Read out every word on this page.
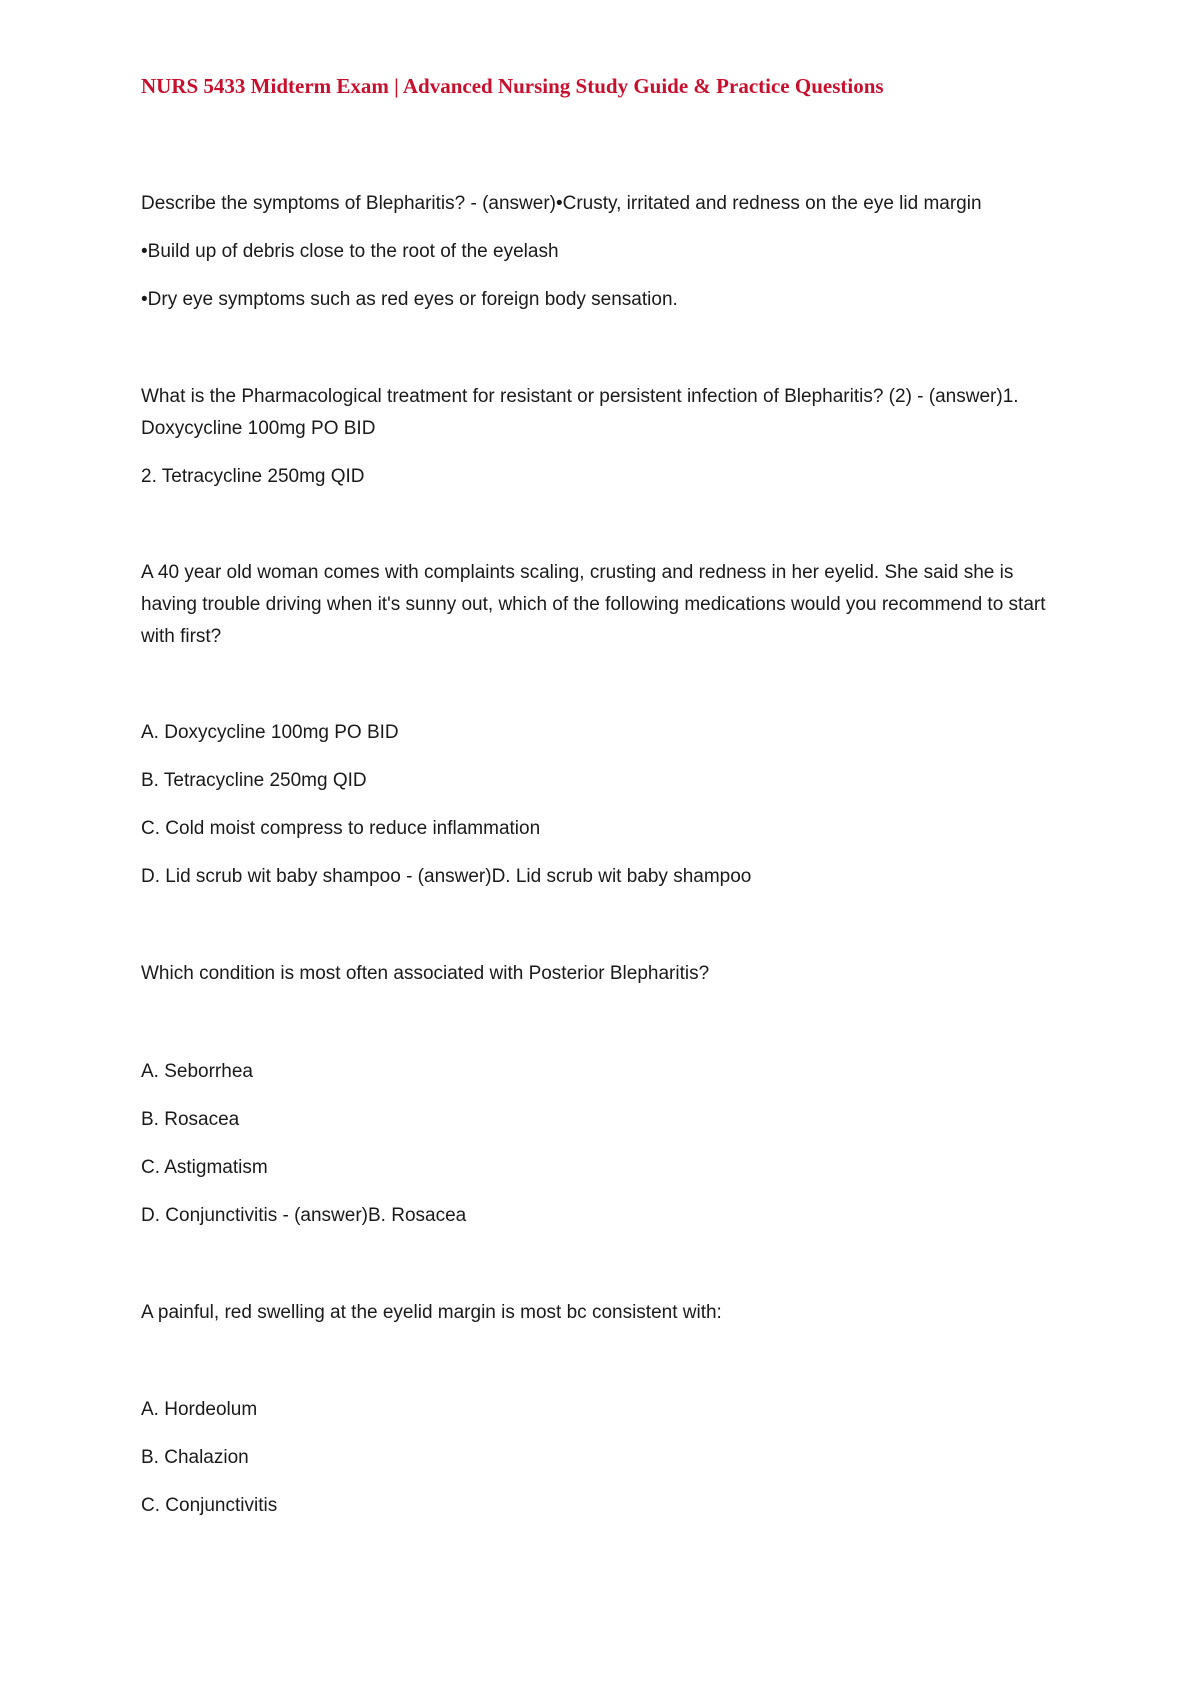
NURS 5433 Midterm Exam | Advanced Nursing Study Guide & Practice Questions
Describe the symptoms of Blepharitis? - (answer)•Crusty, irritated and redness on the eye lid margin
•Build up of debris close to the root of the eyelash
•Dry eye symptoms such as red eyes or foreign body sensation.
What is the Pharmacological treatment for resistant or persistent infection of Blepharitis? (2) - (answer)1. Doxycycline 100mg PO BID
2. Tetracycline 250mg QID
A 40 year old woman comes with complaints scaling, crusting and redness in her eyelid. She said she is having trouble driving when it's sunny out, which of the following medications would you recommend to start with first?
A. Doxycycline 100mg PO BID
B. Tetracycline 250mg QID
C. Cold moist compress to reduce inflammation
D. Lid scrub wit baby shampoo - (answer)D. Lid scrub wit baby shampoo
Which condition is most often associated with Posterior Blepharitis?
A. Seborrhea
B. Rosacea
C. Astigmatism
D. Conjunctivitis - (answer)B. Rosacea
A painful, red swelling at the eyelid margin is most bc consistent with:
A. Hordeolum
B. Chalazion
C. Conjunctivitis
